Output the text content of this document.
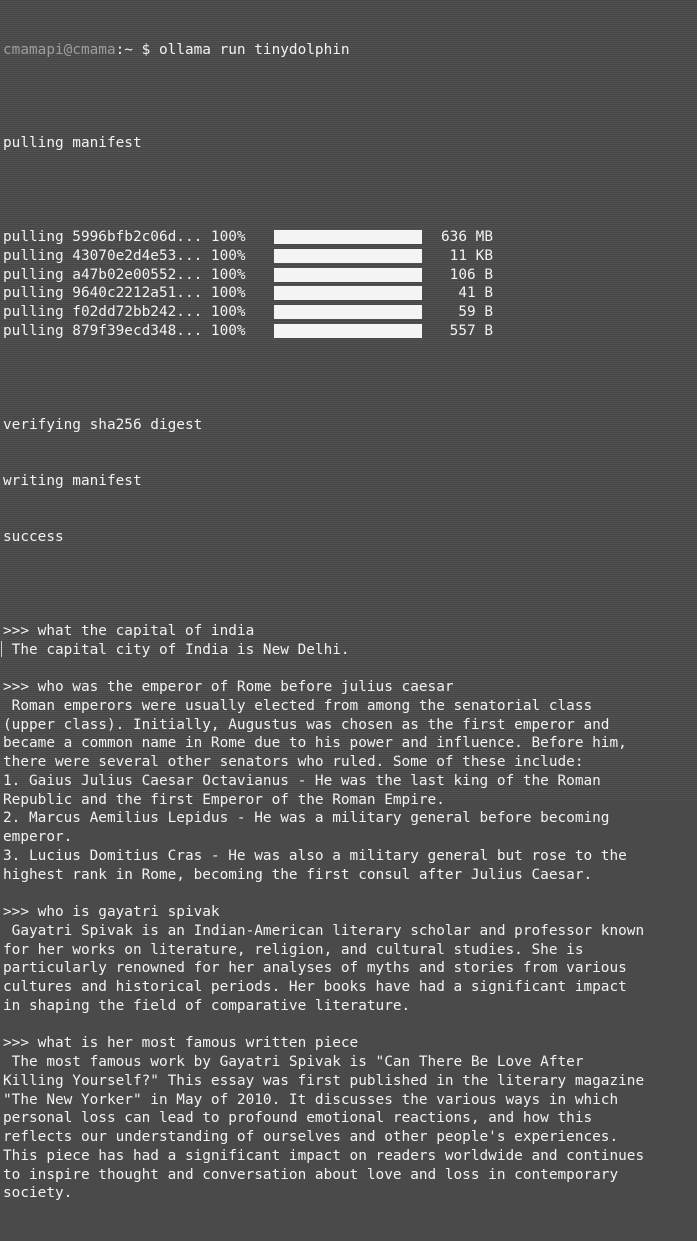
cmamapi@cmama:~ $ ollama run tinydolphin

pulling manifest

pulling 5996bfb2c06d... 100%	636 MB
pulling 43070e2d4e53... 100%	11 KB
pulling a47b02e00552... 100%	106 B
pulling 9640c2212a51... 100%	41 B
pulling f02dd72bb242... 100%	59 B
pulling 879f39ecd348... 100%	557 B

verifying sha256 digest

writing manifest

success

>>> what the capital of india
The capital city of India is New Delhi.
>>> who was the emperor of Rome before julius caesar
Roman emperors were usually elected from among the senatorial class
(upper class). Initially, Augustus was chosen as the first emperor and
became a common name in Rome due to his power and influence. Before him,
there were several other senators who ruled. Some of these include:
1. Gaius Julius Caesar Octavianus - He was the last king of the Roman
Republic and the first Emperor of the Roman Empire.
2. Marcus Aemilius Lepidus - He was a military general before becoming
emperor.
3. Lucius Domitius Cras - He was also a military general but rose to the
highest rank in Rome, becoming the first consul after Julius Caesar.
>>> who is gayatri spivak
Gayatri Spivak is an Indian-American literary scholar and professor known
for her works on literature, religion, and cultural studies. She is
particularly renowned for her analyses of myths and stories from various
cultures and historical periods. Her books have had a significant impact
in shaping the field of comparative literature.
>>> what is her most famous written piece
The most famous work by Gayatri Spivak is "Can There Be Love After
Killing Yourself?" This essay was first published in the literary magazine
"The New Yorker" in May of 2010. It discusses the various ways in which
personal loss can lead to profound emotional reactions, and how this
reflects our understanding of ourselves and other people's experiences.
This piece has had a significant impact on readers worldwide and continues
to inspire thought and conversation about love and loss in contemporary
society.
